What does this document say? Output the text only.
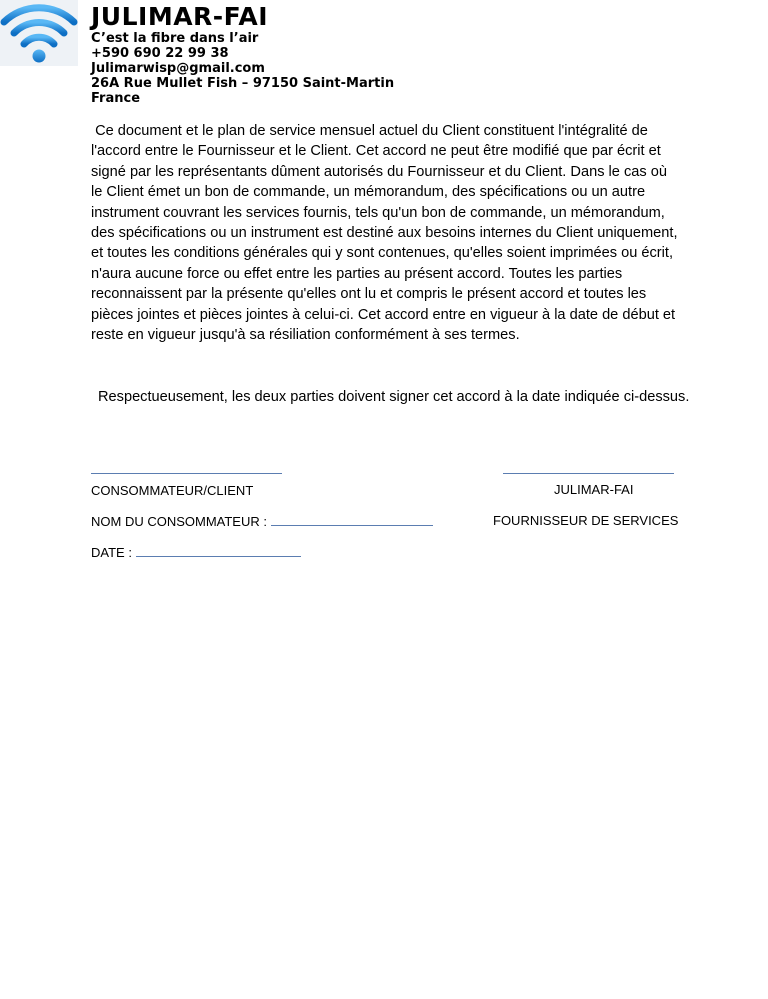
JULIMAR-FAI
C’est la fibre dans l’air
+590 690 22 99 38
Julimarwisp@gmail.com
26A Rue Mullet Fish – 97150 Saint-Martin
France
Ce document et le plan de service mensuel actuel du Client constituent l'intégralité de l'accord entre le Fournisseur et le Client. Cet accord ne peut être modifié que par écrit et signé par les représentants dûment autorisés du Fournisseur et du Client. Dans le cas où le Client émet un bon de commande, un mémorandum, des spécifications ou un autre instrument couvrant les services fournis, tels qu'un bon de commande, un mémorandum, des spécifications ou un instrument est destiné aux besoins internes du Client uniquement, et toutes les conditions générales qui y sont contenues, qu'elles soient imprimées ou écrit, n'aura aucune force ou effet entre les parties au présent accord. Toutes les parties reconnaissent par la présente qu'elles ont lu et compris le présent accord et toutes les pièces jointes et pièces jointes à celui-ci. Cet accord entre en vigueur à la date de début et reste en vigueur jusqu'à sa résiliation conformément à ses termes.
Respectueusement, les deux parties doivent signer cet accord à la date indiquée ci-dessus.
CONSOMMATEUR/CLIENT	JULIMAR-FAI
NOM DU CONSOMMATEUR :	FOURNISSEUR DE SERVICES
DATE :
